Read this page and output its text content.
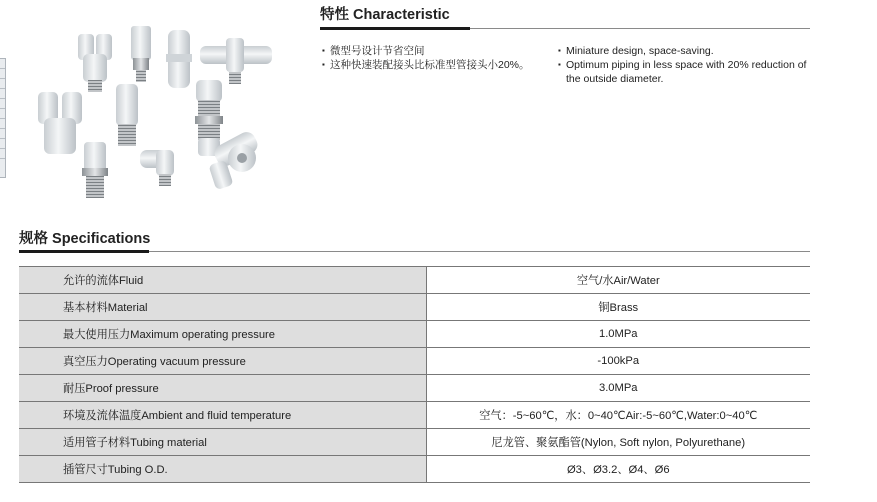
特性 Characteristic
▪ 微型号设计节省空间
▪ 这种快速装配接头比标准型管接头小20%。
▪ Miniature design, space-saving.
▪ Optimum piping in less space with 20% reduction of the outside diameter.
规格 Specifications
允许的流体Fluid	空气/水Air/Water
基本材料Material	铜Brass
最大使用压力Maximum operating pressure	1.0MPa
真空压力Operating vacuum pressure	-100kPa
耐压Proof pressure	3.0MPa
环境及流体温度Ambient and fluid temperature	空气：-5~60℃，水：0~40℃Air:-5~60℃,Water:0~40℃
适用管子材料Tubing material	尼龙管、聚氨酯管(Nylon, Soft nylon, Polyurethane)
插管尺寸Tubing O.D.	Ø3、Ø3.2、Ø4、Ø6
